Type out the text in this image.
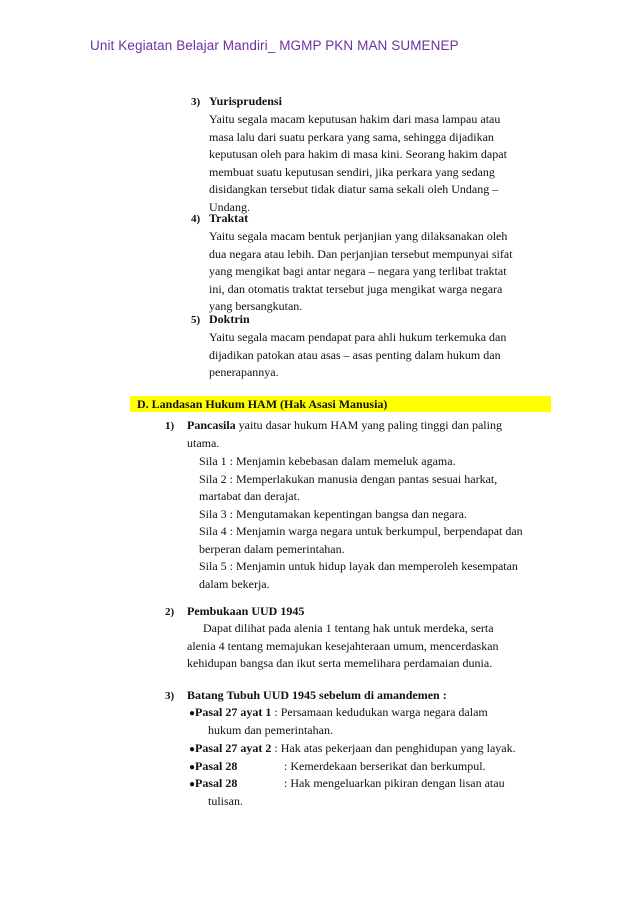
Unit Kegiatan Belajar Mandiri_ MGMP PKN MAN SUMENEP
3) Yurisprudensi
Yaitu segala macam keputusan hakim dari masa lampau atau
masa lalu dari suatu perkara yang sama, sehingga dijadikan
keputusan oleh para hakim di masa kini. Seorang hakim dapat
membuat suatu keputusan sendiri, jika perkara yang sedang
disidangkan tersebut tidak diatur sama sekali oleh Undang –
Undang.
4) Traktat
Yaitu segala macam bentuk perjanjian yang dilaksanakan oleh
dua negara atau lebih. Dan perjanjian tersebut mempunyai sifat
yang mengikat bagi antar negara – negara yang terlibat traktat
ini, dan otomatis traktat tersebut juga mengikat warga negara
yang bersangkutan.
5) Doktrin
Yaitu segala macam pendapat para ahli hukum terkemuka dan
dijadikan patokan atau asas – asas penting dalam hukum dan
penerapannya.
D. Landasan Hukum HAM (Hak Asasi Manusia)
1) Pancasila yaitu dasar hukum HAM yang paling tinggi dan paling
utama.
Sila 1 : Menjamin kebebasan dalam memeluk agama.
Sila 2 : Memperlakukan manusia dengan pantas sesuai harkat,
martabat dan derajat.
Sila 3 : Mengutamakan kepentingan bangsa dan negara.
Sila 4 : Menjamin warga negara untuk berkumpul, berpendapat dan
berperan dalam pemerintahan.
Sila 5 : Menjamin untuk hidup layak dan memperoleh kesempatan
dalam bekerja.
2) Pembukaan UUD 1945
Dapat dilihat pada alenia 1 tentang hak untuk merdeka, serta
alenia 4 tentang memajukan kesejahteraan umum, mencerdaskan
kehidupan bangsa dan ikut serta memelihara perdamaian dunia.
3) Batang Tubuh UUD 1945 sebelum di amandemen :
●Pasal 27 ayat 1 : Persamaan kedudukan warga negara dalam
hukum dan pemerintahan.
●Pasal 27 ayat 2 : Hak atas pekerjaan dan penghidupan yang layak.
●Pasal 28	: Kemerdekaan berserikat dan berkumpul.
●Pasal 28	: Hak mengeluarkan pikiran dengan lisan atau
tulisan.
